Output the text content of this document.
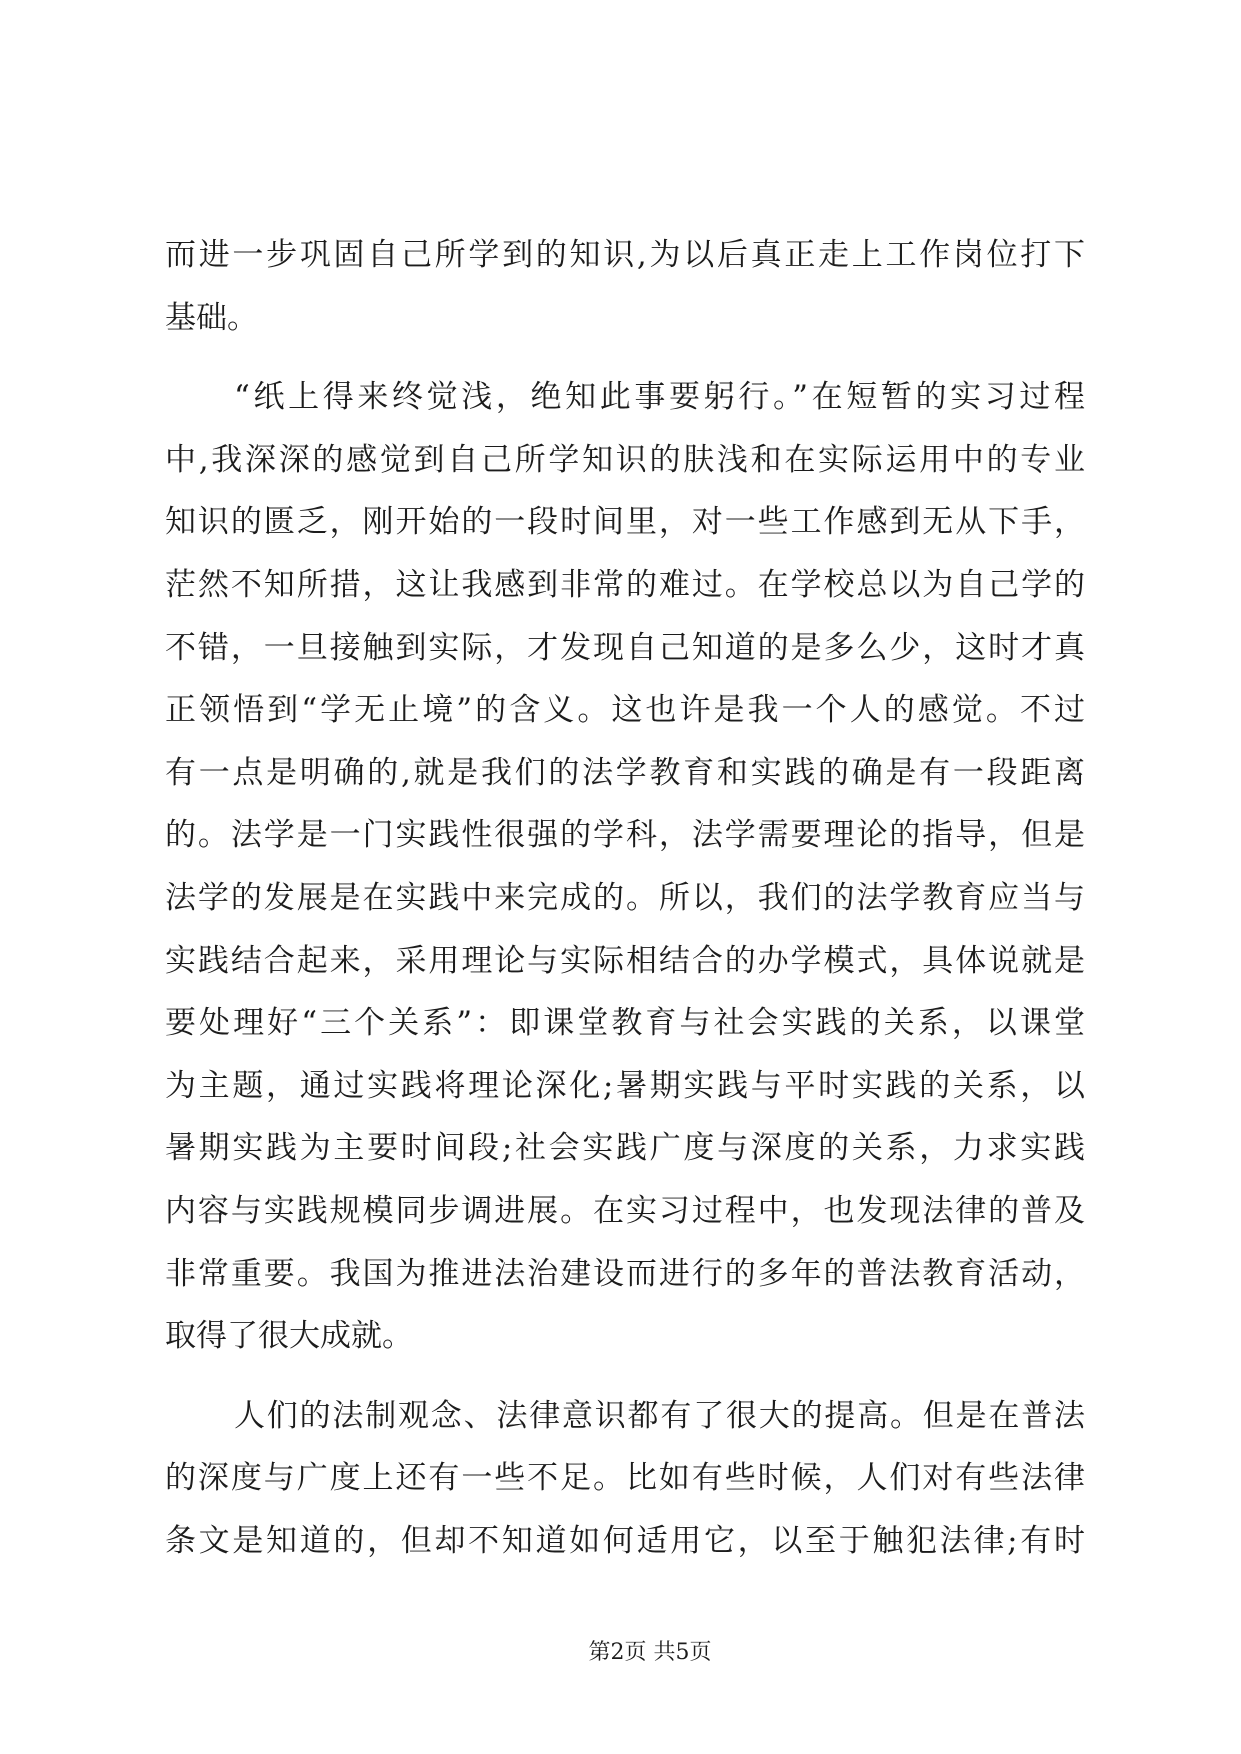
而进一步巩固自己所学到的知识,为以后真正走上工作岗位打下
基础。
“纸上得来终觉浅，绝知此事要躬行。”在短暂的实习过程
中,我深深的感觉到自己所学知识的肤浅和在实际运用中的专业
知识的匮乏，刚开始的一段时间里，对一些工作感到无从下手，
茫然不知所措，这让我感到非常的难过。在学校总以为自己学的
不错，一旦接触到实际，才发现自己知道的是多么少，这时才真
正领悟到“学无止境”的含义。这也许是我一个人的感觉。不过
有一点是明确的,就是我们的法学教育和实践的确是有一段距离
的。法学是一门实践性很强的学科，法学需要理论的指导，但是
法学的发展是在实践中来完成的。所以，我们的法学教育应当与
实践结合起来，采用理论与实际相结合的办学模式，具体说就是
要处理好“三个关系”：即课堂教育与社会实践的关系，以课堂
为主题，通过实践将理论深化;暑期实践与平时实践的关系，以
暑期实践为主要时间段;社会实践广度与深度的关系，力求实践
内容与实践规模同步调进展。在实习过程中，也发现法律的普及
非常重要。我国为推进法治建设而进行的多年的普法教育活动，
取得了很大成就。
人们的法制观念、法律意识都有了很大的提高。但是在普法
的深度与广度上还有一些不足。比如有些时候，人们对有些法律
条文是知道的，但却不知道如何适用它，以至于触犯法律;有时
第2页 共5页
